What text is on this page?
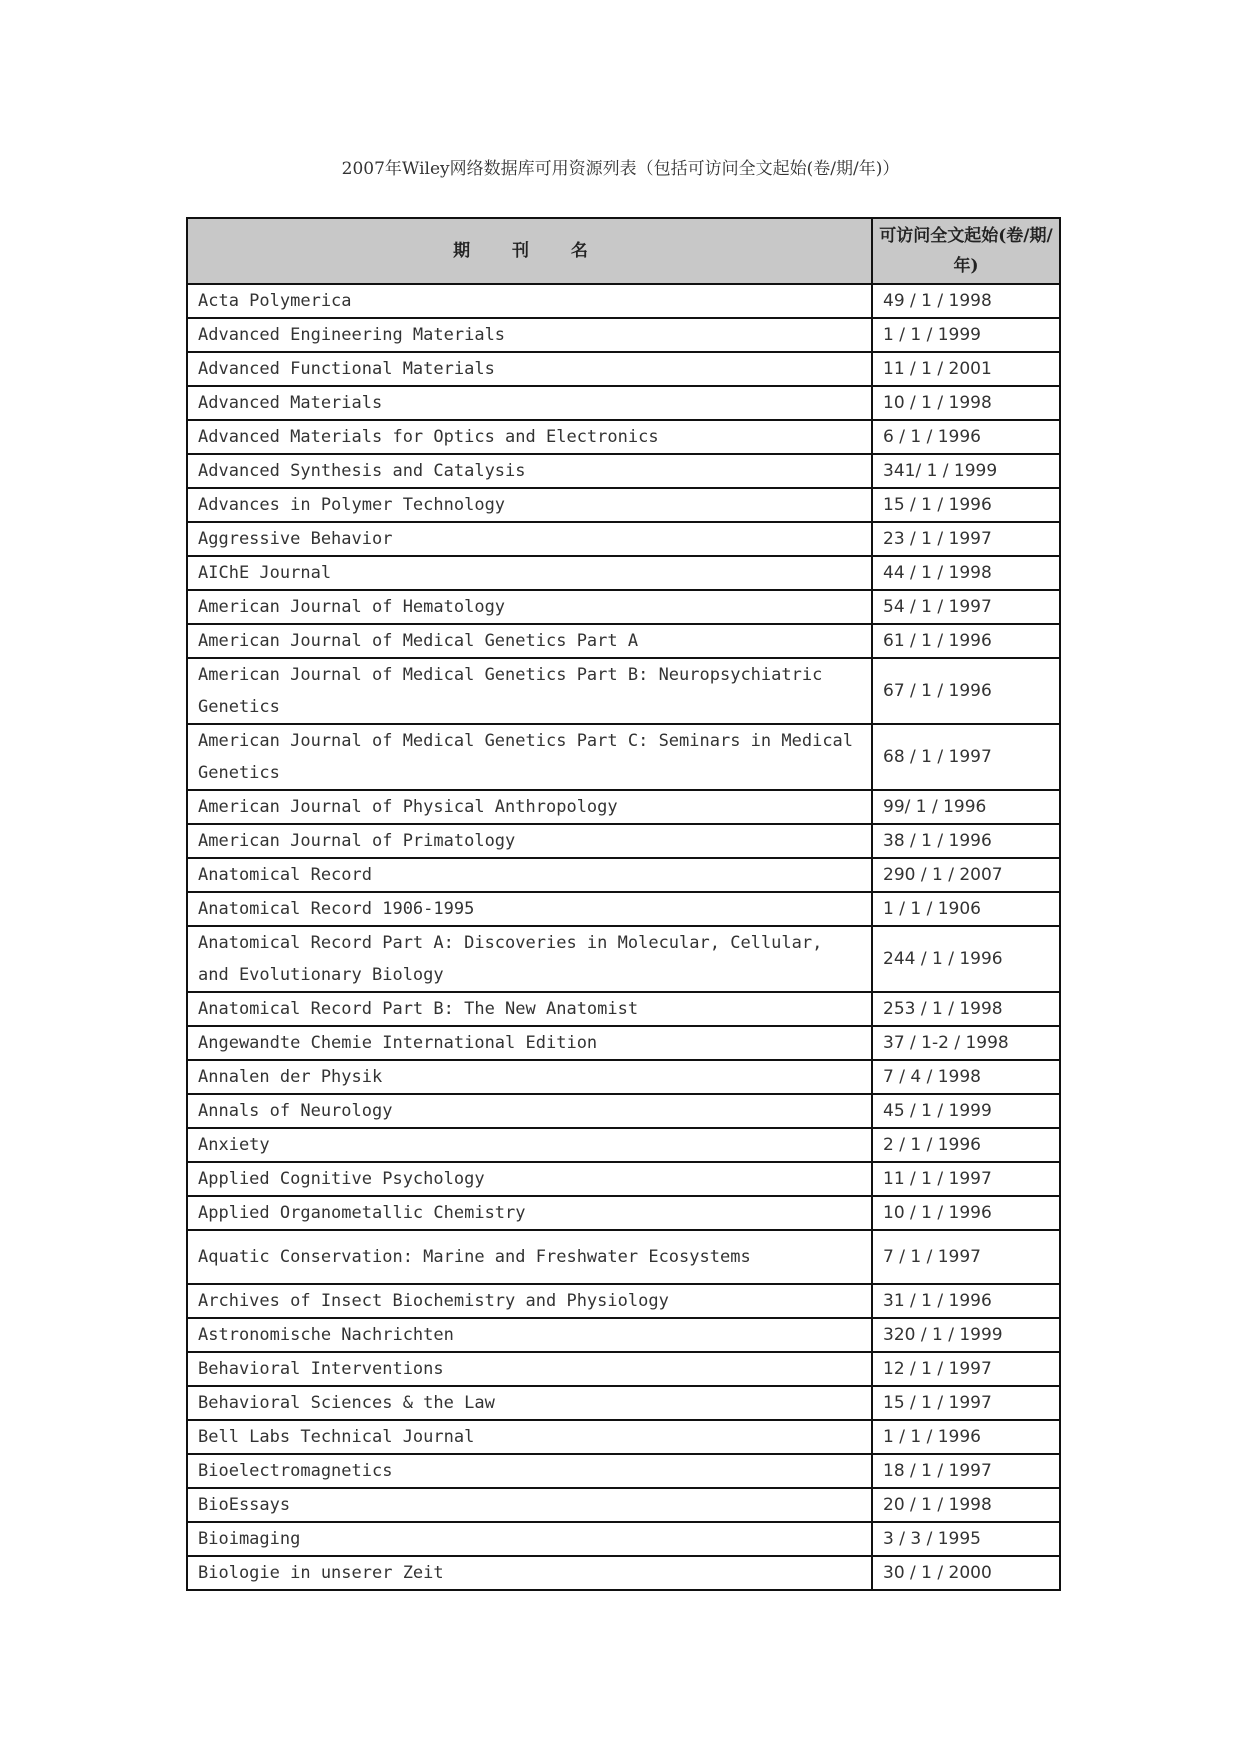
2007年Wiley网络数据库可用资源列表（包括可访问全文起始(卷/期/年)）
期 刊 名	可访问全文起始(卷/期/年)
Acta Polymerica	49 / 1 / 1998
Advanced Engineering Materials	1 / 1 / 1999
Advanced Functional Materials	11 / 1 / 2001
Advanced Materials	10 / 1 / 1998
Advanced Materials for Optics and Electronics	6 / 1 / 1996
Advanced Synthesis and Catalysis	341/ 1 / 1999
Advances in Polymer Technology	15 / 1 / 1996
Aggressive Behavior	23 / 1 / 1997
AIChE Journal	44 / 1 / 1998
American Journal of Hematology	54 / 1 / 1997
American Journal of Medical Genetics Part A	61 / 1 / 1996
American Journal of Medical Genetics Part B: Neuropsychiatric Genetics	67 / 1 / 1996
American Journal of Medical Genetics Part C: Seminars in Medical Genetics	68 / 1 / 1997
American Journal of Physical Anthropology	99/ 1 / 1996
American Journal of Primatology	38 / 1 / 1996
Anatomical Record	290 / 1 / 2007
Anatomical Record 1906-1995	1 / 1 / 1906
Anatomical Record Part A: Discoveries in Molecular, Cellular, and Evolutionary Biology	244 / 1 / 1996
Anatomical Record Part B: The New Anatomist	253 / 1 / 1998
Angewandte Chemie International Edition	37 / 1-2 / 1998
Annalen der Physik	7 / 4 / 1998
Annals of Neurology	45 / 1 / 1999
Anxiety	2 / 1 / 1996
Applied Cognitive Psychology	11 / 1 / 1997
Applied Organometallic Chemistry	10 / 1 / 1996
Aquatic Conservation: Marine and Freshwater Ecosystems	7 / 1 / 1997
Archives of Insect Biochemistry and Physiology	31 / 1 / 1996
Astronomische Nachrichten	320 / 1 / 1999
Behavioral Interventions	12 / 1 / 1997
Behavioral Sciences & the Law	15 / 1 / 1997
Bell Labs Technical Journal	1 / 1 / 1996
Bioelectromagnetics	18 / 1 / 1997
BioEssays	20 / 1 / 1998
Bioimaging	3 / 3 / 1995
Biologie in unserer Zeit	30 / 1 / 2000
